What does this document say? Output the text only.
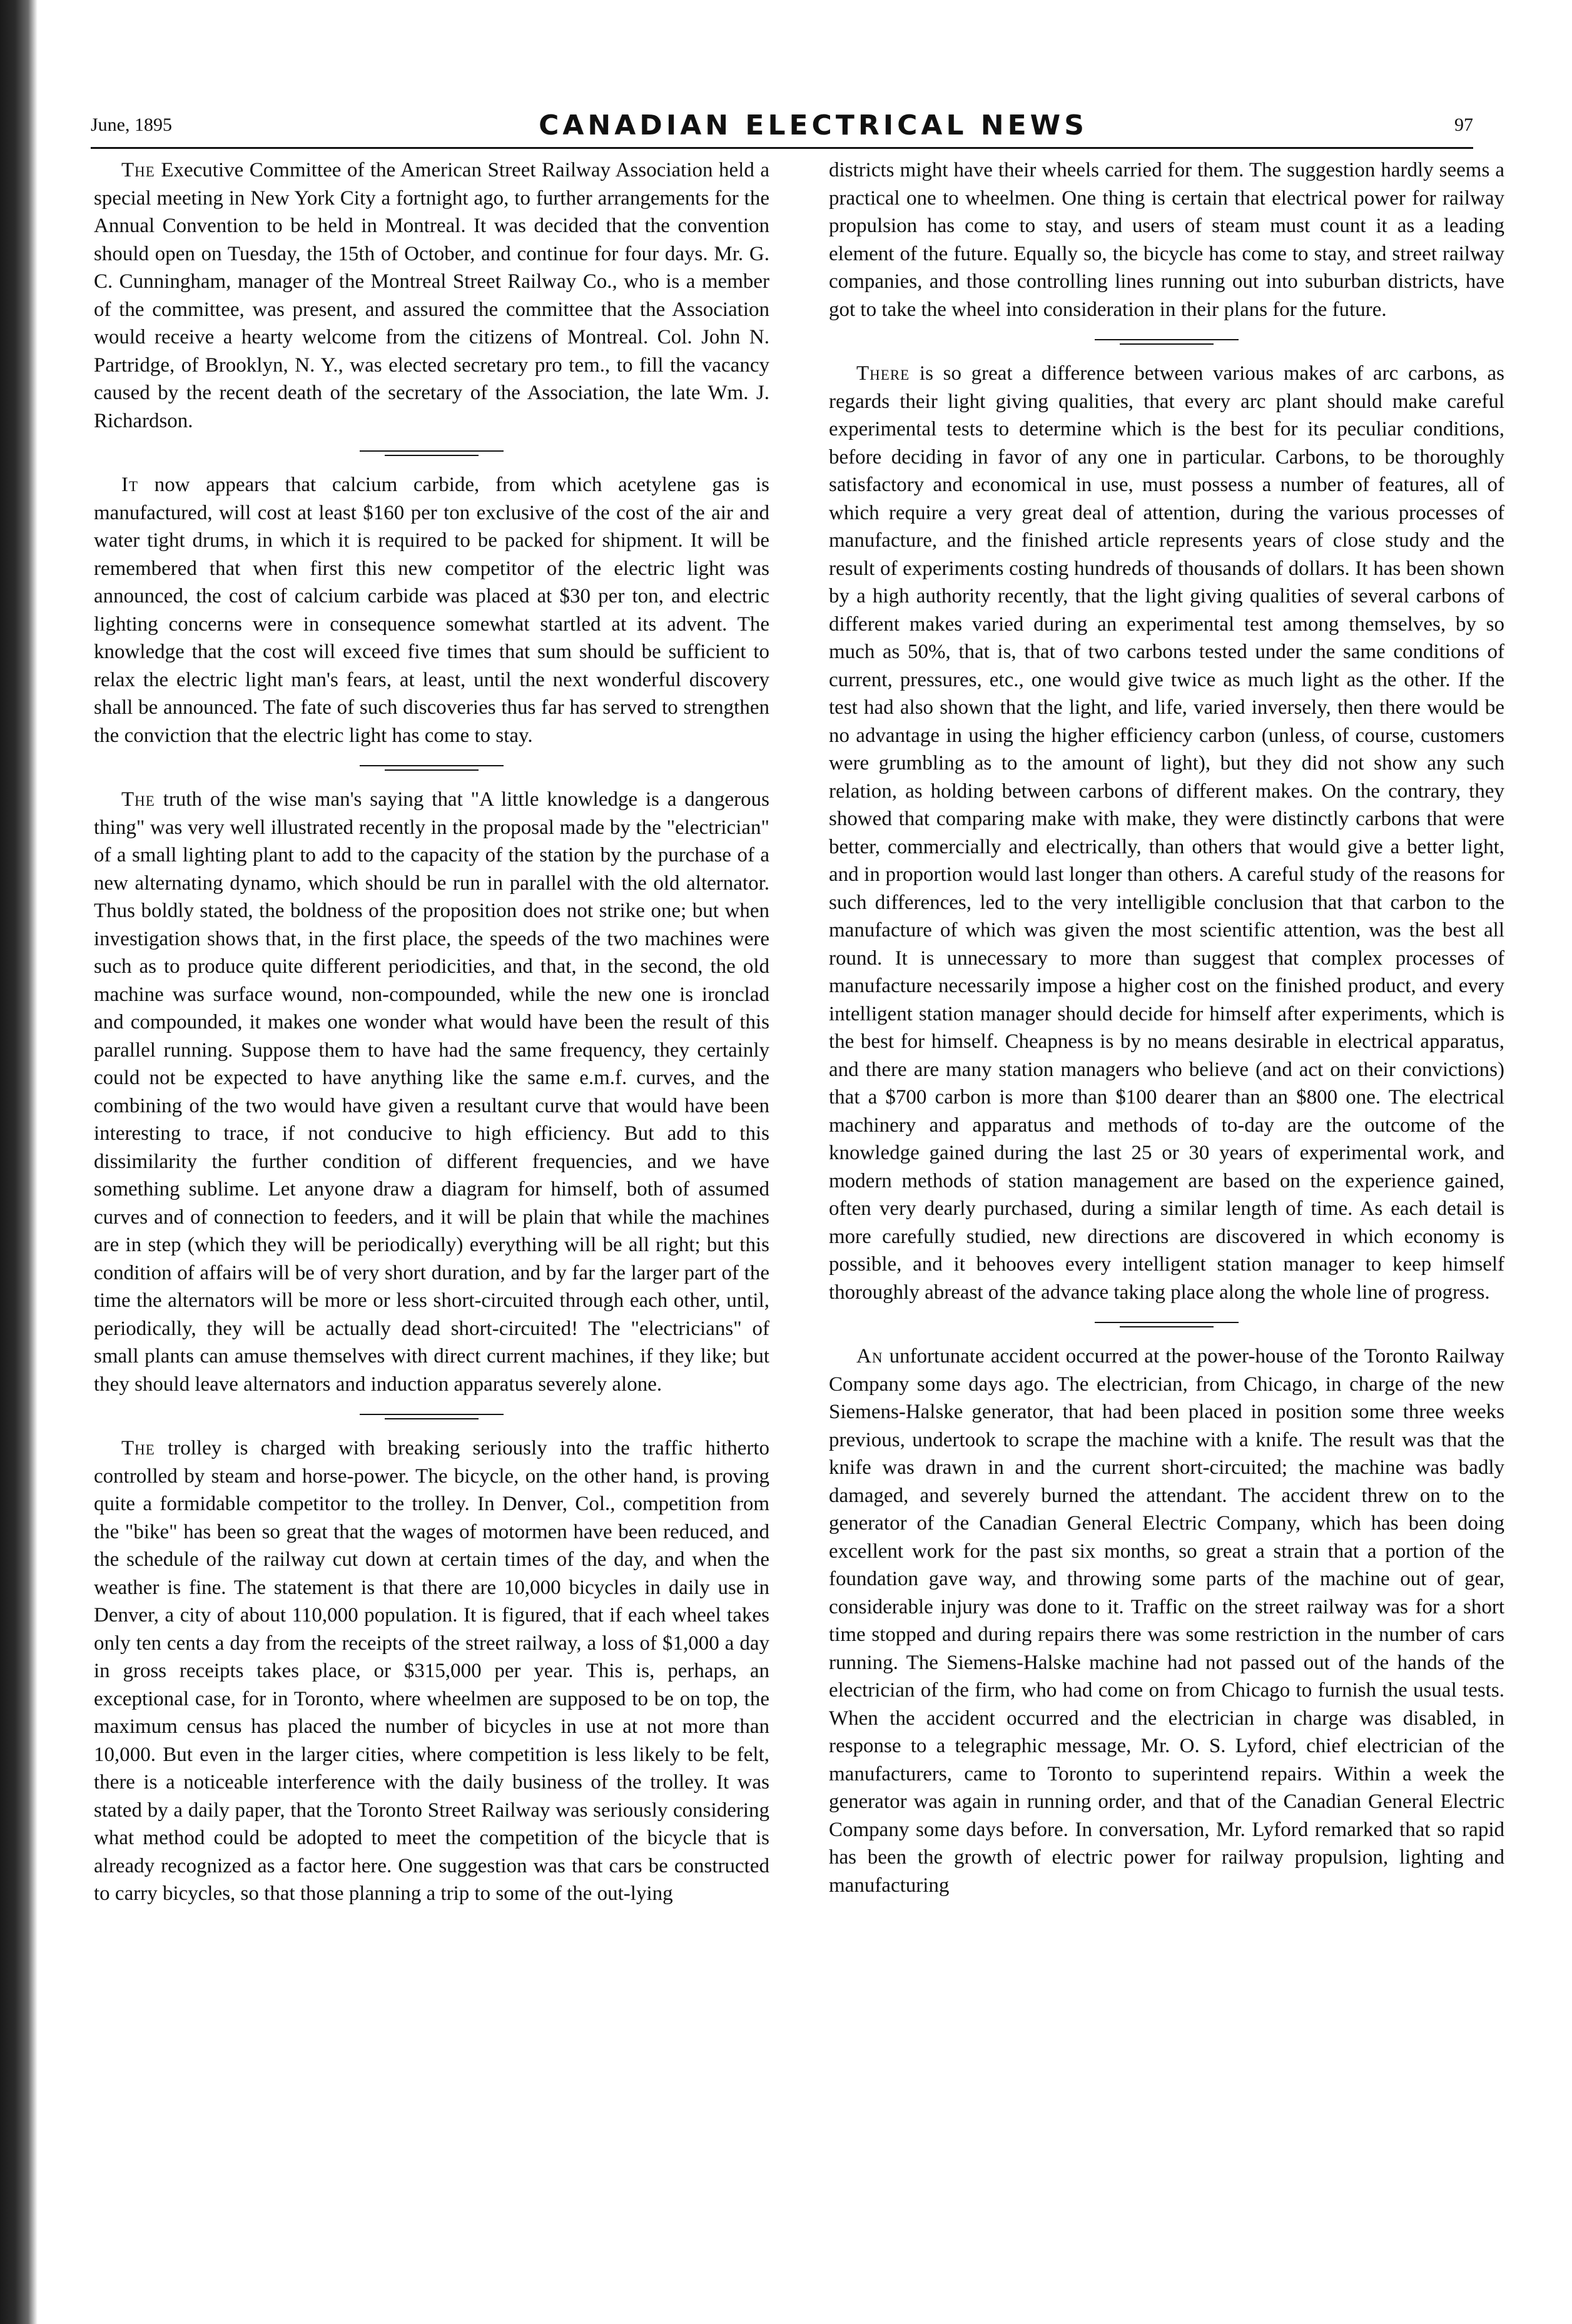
June, 1895	CANADIAN ELECTRICAL NEWS	97

The Executive Committee of the American Street Railway Association held a special meeting in New York City a fortnight ago, to further arrangements for the Annual Convention to be held in Montreal. It was decided that the convention should open on Tuesday, the 15th of October, and continue for four days. Mr. G. C. Cunningham, manager of the Montreal Street Railway Co., who is a member of the committee, was present, and assured the committee that the Association would receive a hearty welcome from the citizens of Montreal. Col. John N. Partridge, of Brooklyn, N. Y., was elected secretary pro tem., to fill the vacancy caused by the recent death of the secretary of the Association, the late Wm. J. Richardson.

It now appears that calcium carbide, from which acetylene gas is manufactured, will cost at least $160 per ton exclusive of the cost of the air and water tight drums, in which it is required to be packed for shipment. It will be remembered that when first this new competitor of the electric light was announced, the cost of calcium carbide was placed at $30 per ton, and electric lighting concerns were in consequence somewhat startled at its advent. The knowledge that the cost will exceed five times that sum should be sufficient to relax the electric light man's fears, at least, until the next wonderful discovery shall be announced. The fate of such discoveries thus far has served to strengthen the conviction that the electric light has come to stay.

The truth of the wise man's saying that "A little knowledge is a dangerous thing" was very well illustrated recently in the proposal made by the "electrician" of a small lighting plant to add to the capacity of the station by the purchase of a new alternating dynamo, which should be run in parallel with the old alternator. Thus boldly stated, the boldness of the proposition does not strike one; but when investigation shows that, in the first place, the speeds of the two machines were such as to produce quite different periodicities, and that, in the second, the old machine was surface wound, non-compounded, while the new one is ironclad and compounded, it makes one wonder what would have been the result of this parallel running. Suppose them to have had the same frequency, they certainly could not be expected to have anything like the same e.m.f. curves, and the combining of the two would have given a resultant curve that would have been interesting to trace, if not conducive to high efficiency. But add to this dissimilarity the further condition of different frequencies, and we have something sublime. Let anyone draw a diagram for himself, both of assumed curves and of connection to feeders, and it will be plain that while the machines are in step (which they will be periodically) everything will be all right; but this condition of affairs will be of very short duration, and by far the larger part of the time the alternators will be more or less short-circuited through each other, until, periodically, they will be actually dead short-circuited! The "electricians" of small plants can amuse themselves with direct current machines, if they like; but they should leave alternators and induction apparatus severely alone.

The trolley is charged with breaking seriously into the traffic hitherto controlled by steam and horse-power. The bicycle, on the other hand, is proving quite a formidable competitor to the trolley. In Denver, Col., competition from the "bike" has been so great that the wages of motormen have been reduced, and the schedule of the railway cut down at certain times of the day, and when the weather is fine. The statement is that there are 10,000 bicycles in daily use in Denver, a city of about 110,000 population. It is figured, that if each wheel takes only ten cents a day from the receipts of the street railway, a loss of $1,000 a day in gross receipts takes place, or $315,000 per year. This is, perhaps, an exceptional case, for in Toronto, where wheelmen are supposed to be on top, the maximum census has placed the number of bicycles in use at not more than 10,000. But even in the larger cities, where competition is less likely to be felt, there is a noticeable interference with the daily business of the trolley. It was stated by a daily paper, that the Toronto Street Railway was seriously considering what method could be adopted to meet the competition of the bicycle that is already recognized as a factor here. One suggestion was that cars be constructed to carry bicycles, so that those planning a trip to some of the out-lying

districts might have their wheels carried for them. The suggestion hardly seems a practical one to wheelmen. One thing is certain that electrical power for railway propulsion has come to stay, and users of steam must count it as a leading element of the future. Equally so, the bicycle has come to stay, and street railway companies, and those controlling lines running out into suburban districts, have got to take the wheel into consideration in their plans for the future.

There is so great a difference between various makes of arc carbons, as regards their light giving qualities, that every arc plant should make careful experimental tests to determine which is the best for its peculiar conditions, before deciding in favor of any one in particular. Carbons, to be thoroughly satisfactory and economical in use, must possess a number of features, all of which require a very great deal of attention, during the various processes of manufacture, and the finished article represents years of close study and the result of experiments costing hundreds of thousands of dollars. It has been shown by a high authority recently, that the light giving qualities of several carbons of different makes varied during an experimental test among themselves, by so much as 50%, that is, that of two carbons tested under the same conditions of current, pressures, etc., one would give twice as much light as the other. If the test had also shown that the light, and life, varied inversely, then there would be no advantage in using the higher efficiency carbon (unless, of course, customers were grumbling as to the amount of light), but they did not show any such relation, as holding between carbons of different makes. On the contrary, they showed that comparing make with make, they were distinctly carbons that were better, commercially and electrically, than others that would give a better light, and in proportion would last longer than others. A careful study of the reasons for such differences, led to the very intelligible conclusion that that carbon to the manufacture of which was given the most scientific attention, was the best all round. It is unnecessary to more than suggest that complex processes of manufacture necessarily impose a higher cost on the finished product, and every intelligent station manager should decide for himself after experiments, which is the best for himself. Cheapness is by no means desirable in electrical apparatus, and there are many station managers who believe (and act on their convictions) that a $700 carbon is more than $100 dearer than an $800 one. The electrical machinery and apparatus and methods of to-day are the outcome of the knowledge gained during the last 25 or 30 years of experimental work, and modern methods of station management are based on the experience gained, often very dearly purchased, during a similar length of time. As each detail is more carefully studied, new directions are discovered in which economy is possible, and it behooves every intelligent station manager to keep himself thoroughly abreast of the advance taking place along the whole line of progress.

An unfortunate accident occurred at the power-house of the Toronto Railway Company some days ago. The electrician, from Chicago, in charge of the new Siemens-Halske generator, that had been placed in position some three weeks previous, undertook to scrape the machine with a knife. The result was that the knife was drawn in and the current short-circuited; the machine was badly damaged, and severely burned the attendant. The accident threw on to the generator of the Canadian General Electric Company, which has been doing excellent work for the past six months, so great a strain that a portion of the foundation gave way, and throwing some parts of the machine out of gear, considerable injury was done to it. Traffic on the street railway was for a short time stopped and during repairs there was some restriction in the number of cars running. The Siemens-Halske machine had not passed out of the hands of the electrician of the firm, who had come on from Chicago to furnish the usual tests. When the accident occurred and the electrician in charge was disabled, in response to a telegraphic message, Mr. O. S. Lyford, chief electrician of the manufacturers, came to Toronto to superintend repairs. Within a week the generator was again in running order, and that of the Canadian General Electric Company some days before. In conversation, Mr. Lyford remarked that so rapid has been the growth of electric power for railway propulsion, lighting and manufacturing
